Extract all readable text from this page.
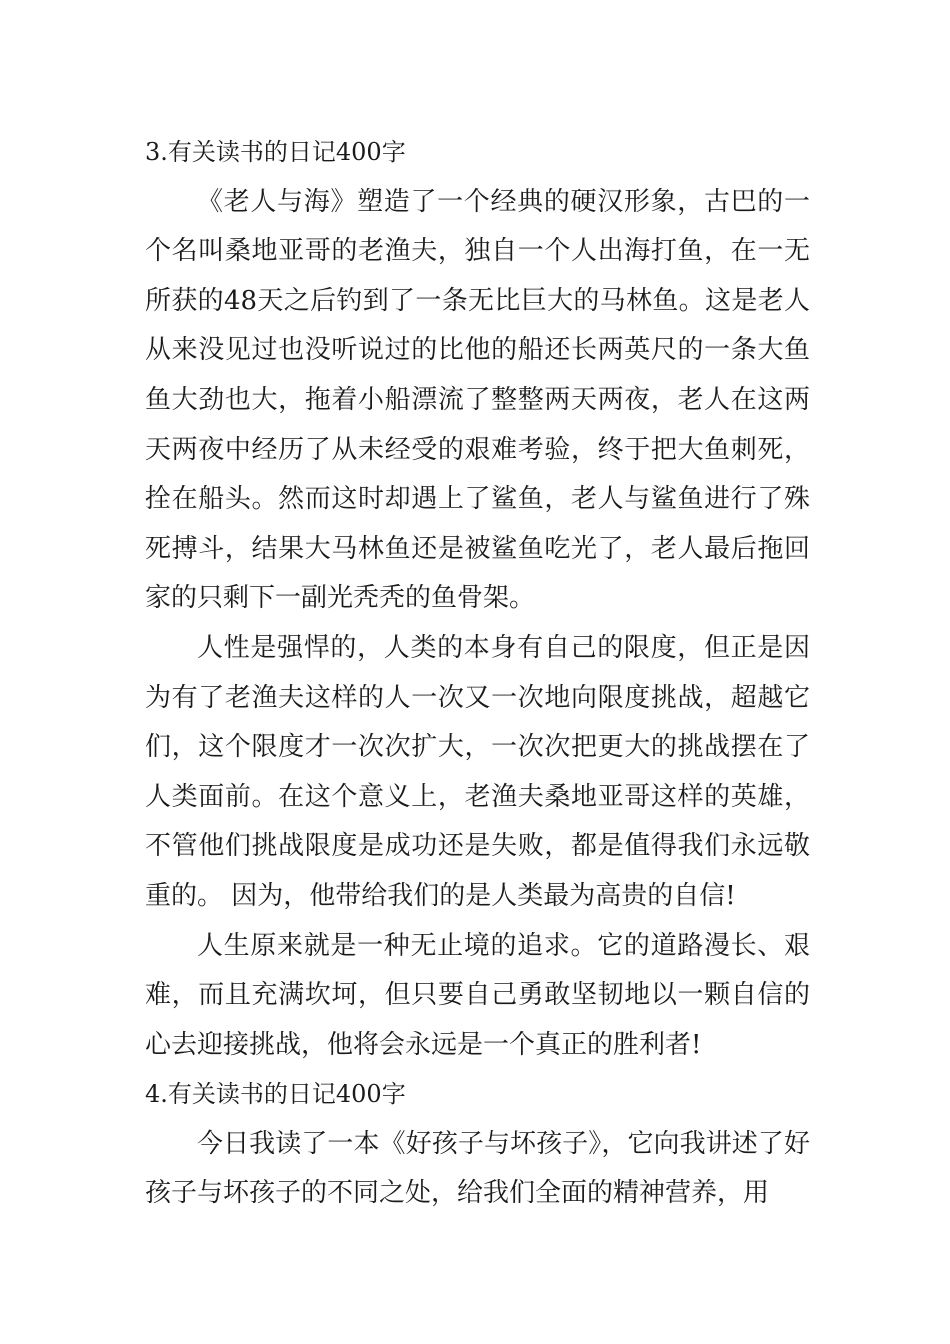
3.有关读书的日记400字

《老人与海》塑造了一个经典的硬汉形象，古巴的一个名叫桑地亚哥的老渔夫，独自一个人出海打鱼，在一无所获的48天之后钓到了一条无比巨大的马林鱼。这是老人从来没见过也没听说过的比他的船还长两英尺的一条大鱼鱼大劲也大，拖着小船漂流了整整两天两夜，老人在这两天两夜中经历了从未经受的艰难考验，终于把大鱼刺死，拴在船头。然而这时却遇上了鲨鱼，老人与鲨鱼进行了殊死搏斗，结果大马林鱼还是被鲨鱼吃光了，老人最后拖回家的只剩下一副光秃秃的鱼骨架。

人性是强悍的，人类的本身有自己的限度，但正是因为有了老渔夫这样的人一次又一次地向限度挑战，超越它们，这个限度才一次次扩大，一次次把更大的挑战摆在了人类面前。在这个意义上，老渔夫桑地亚哥这样的英雄，不管他们挑战限度是成功还是失败，都是值得我们永远敬重的。 因为，他带给我们的是人类最为高贵的自信!

人生原来就是一种无止境的追求。它的道路漫长、艰难，而且充满坎坷，但只要自己勇敢坚韧地以一颗自信的心去迎接挑战，他将会永远是一个真正的胜利者!

4.有关读书的日记400字

今日我读了一本《好孩子与坏孩子》，它向我讲述了好孩子与坏孩子的不同之处，给我们全面的精神营养，用
